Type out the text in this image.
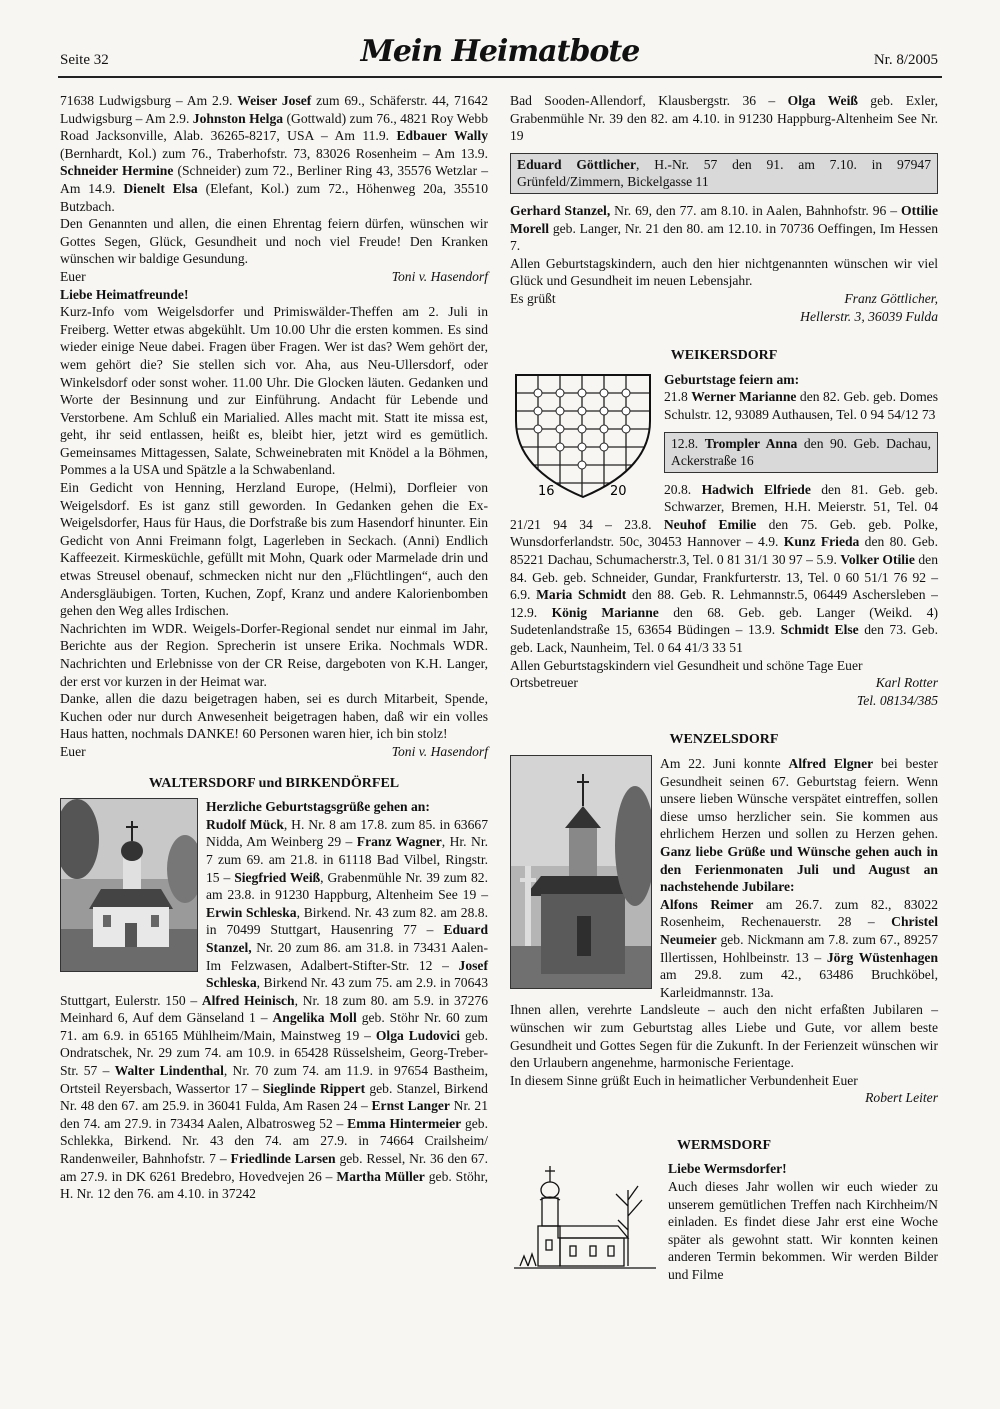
Seite 32	Mein Heimatbote	Nr. 8/2005

71638 Ludwigsburg – Am 2.9. Weiser Josef zum 69., Schäferstr. 44, 71642 Ludwigsburg – Am 2.9. Johnston Helga (Gottwald) zum 76., 4821 Roy Webb Road Jacksonville, Alab. 36265-8217, USA – Am 11.9. Edbauer Wally (Bernhardt, Kol.) zum 76., Traberhofstr. 73, 83026 Rosenheim – Am 13.9. Schneider Hermine (Schneider) zum 72., Berliner Ring 43, 35576 Wetzlar – Am 14.9. Dienelt Elsa (Elefant, Kol.) zum 72., Höhenweg 20a, 35510 Butzbach.

Den Genannten und allen, die einen Ehrentag feiern dürfen, wünschen wir Gottes Segen, Glück, Gesundheit und noch viel Freude! Den Kranken wünschen wir baldige Gesundung.

Euer	Toni v. Hasendorf

Liebe Heimatfreunde!

Kurz-Info vom Weigelsdorfer und Primiswälder-Theffen am 2. Juli in Freiberg. Wetter etwas abgekühlt. Um 10.00 Uhr die ersten kommen. Es sind wieder einige Neue dabei. Fragen über Fragen. Wer ist das? Wem gehört der, wem gehört die? Sie stellen sich vor. Aha, aus Neu-Ullersdorf, oder Winkelsdorf oder sonst woher. 11.00 Uhr. Die Glocken läuten. Gedanken und Worte der Besinnung und zur Einführung. Andacht für Lebende und Verstorbene. Am Schluß ein Marialied. Alles macht mit. Statt ite missa est, geht, ihr seid entlassen, heißt es, bleibt hier, jetzt wird es gemütlich. Gemeinsames Mittagessen, Salate, Schweinebraten mit Knödel a la Böhmen, Pommes a la USA und Spätzle a la Schwabenland.

Ein Gedicht von Henning, Herzland Europe, (Helmi), Dorfleier von Weigelsdorf. Es ist ganz still geworden. In Gedanken gehen die Ex-Weigelsdorfer, Haus für Haus, die Dorfstraße bis zum Hasendorf hinunter. Ein Gedicht von Anni Freimann folgt, Lagerleben in Seckach. (Anni) Endlich Kaffeezeit. Kirmesküchle, gefüllt mit Mohn, Quark oder Marmelade drin und etwas Streusel obenauf, schmecken nicht nur den „Flüchtlingen“, auch den Andersgläubigen. Torten, Kuchen, Zopf, Kranz und andere Kalorienbomben gehen den Weg alles Irdischen.

Nachrichten im WDR. Weigels-Dorfer-Regional sendet nur einmal im Jahr, Berichte aus der Region. Sprecherin ist unsere Erika. Nochmals WDR. Nachrichten und Erlebnisse von der CR Reise, dargeboten von K.H. Langer, der erst vor kurzen in der Heimat war.

Danke, allen die dazu beigetragen haben, sei es durch Mitarbeit, Spende, Kuchen oder nur durch Anwesenheit beigetragen haben, daß wir ein volles Haus hatten, nochmals DANKE! 60 Personen waren hier, ich bin stolz!

Euer	Toni v. Hasendorf
WALTERSDORF und BIRKENDÖRFEL

Herzliche Geburtstagsgrüße gehen an:
Rudolf Mück, H. Nr. 8 am 17.8. zum 85. in 63667 Nidda, Am Weinberg 29 – Franz Wagner, Hr. Nr. 7 zum 69. am 21.8. in 61118 Bad Vilbel, Ringstr. 15 – Siegfried Weiß, Grabenmühle Nr. 39 zum 82. am 23.8. in 91230 Happburg, Altenheim See 19 – Erwin Schleska, Birkend. Nr. 43 zum 82. am 28.8. in 70499 Stuttgart, Hausenring 77 – Eduard Stanzel, Nr. 20 zum 86. am 31.8. in 73431 Aalen-Im Felzwasen, Adalbert-Stifter-Str. 12 – Josef Schleska, Birkend Nr. 43 zum 75. am 2.9. in 70643 Stuttgart, Eulerstr. 150 – Alfred Heinisch, Nr. 18 zum 80. am 5.9. in 37276 Meinhard 6, Auf dem Gänseland 1 – Angelika Moll geb. Stöhr Nr. 60 zum 71. am 6.9. in 65165 Mühlheim/Main, Mainstweg 19 – Olga Ludovici geb. Ondratschek, Nr. 29 zum 74. am 10.9. in 65428 Rüsselsheim, Georg-Treber-Str. 57 – Walter Lindenthal, Nr. 70 zum 74. am 11.9. in 97654 Bastheim, Ortsteil Reyersbach, Wassertor 17 – Sieglinde Rippert geb. Stanzel, Birkend Nr. 48 den 67. am 25.9. in 36041 Fulda, Am Rasen 24 – Ernst Langer Nr. 21 den 74. am 27.9. in 73434 Aalen, Albatrosweg 52 – Emma Hintermeier geb. Schlekka, Birkend. Nr. 43 den 74. am 27.9. in 74664 Crailsheim/ Randenweiler, Bahnhofstr. 7 – Friedlinde Larsen geb. Ressel, Nr. 36 den 67. am 27.9. in DK 6261 Bredebro, Hovedvejen 26 – Martha Müller geb. Stöhr, H. Nr. 12 den 76. am 4.10. in 37242

Bad Sooden-Allendorf, Klausbergstr. 36 – Olga Weiß geb. Exler, Grabenmühle Nr. 39 den 82. am 4.10. in 91230 Happburg-Altenheim See Nr. 19

Eduard Göttlicher, H.-Nr. 57 den 91. am 7.10. in 97947 Grünfeld/Zimmern, Bickelgasse 11

Gerhard Stanzel, Nr. 69, den 77. am 8.10. in Aalen, Bahnhofstr. 96 – Ottilie Morell geb. Langer, Nr. 21 den 80. am 12.10. in 70736 Oeffingen, Im Hessen 7.

Allen Geburtstagskindern, auch den hier nichtgenannten wünschen wir viel Glück und Gesundheit im neuen Lebensjahr.

Es grüßt	Franz Göttlicher,
Hellerstr. 3, 36039 Fulda
WEIKERSDORF
16	20

Geburtstage feiern am:
21.8 Werner Marianne den 82. Geb. geb. Domes Schulstr. 12, 93089 Authausen, Tel. 0 94 54/12 73

12.8. Trompler Anna den 90. Geb. Dachau, Ackerstraße 16

20.8. Hadwich Elfriede den 81. Geb. geb. Schwarzer, Bremen, H.H. Meierstr. 51, Tel. 04 21/21 94 34 – 23.8. Neuhof Emilie den 75. Geb. geb. Polke, Wunsdorferlandstr. 50c, 30453 Hannover – 4.9. Kunz Frieda den 80. Geb. 85221 Dachau, Schumacherstr.3, Tel. 0 81 31/1 30 97 – 5.9. Volker Otilie den 84. Geb. geb. Schneider, Gundar, Frankfurterstr. 13, Tel. 0 60 51/1 76 92 – 6.9. Maria Schmidt den 88. Geb. R. Lehmannstr.5, 06449 Aschersleben –12.9. König Marianne den 68. Geb. geb. Langer (Weikd. 4) Sudetenlandstraße 15, 63654 Büdingen – 13.9. Schmidt Else den 73. Geb. geb. Lack, Naunheim, Tel. 0 64 41/3 33 51

Allen Geburtstagskindern viel Gesundheit und schöne Tage Euer

Ortsbetreuer	Karl Rotter
Tel. 08134/385
WENZELSDORF

Am 22. Juni konnte Alfred Elgner bei bester Gesundheit seinen 67. Geburtstag feiern. Wenn unsere lieben Wünsche verspätet eintreffen, sollen diese umso herzlicher sein. Sie kommen aus ehrlichem Herzen und sollen zu Herzen gehen. Ganz liebe Grüße und Wünsche gehen auch in den Ferienmonaten Juli und August an nachstehende Jubilare:
Alfons Reimer am 26.7. zum 82., 83022 Rosenheim, Rechenauerstr. 28 – Christel Neumeier geb. Nickmann am 7.8. zum 67., 89257 Illertissen, Hohlbeinstr. 13 – Jörg Wüstenhagen am 29.8. zum 42., 63486 Bruchköbel, Karleidmannstr. 13a.

Ihnen allen, verehrte Landsleute – auch den nicht erfaßten Jubilaren – wünschen wir zum Geburtstag alles Liebe und Gute, vor allem beste Gesundheit und Gottes Segen für die Zukunft. In der Ferienzeit wünschen wir den Urlaubern angenehme, harmonische Ferientage.

In diesem Sinne grüßt Euch in heimatlicher Verbundenheit Euer

Robert Leiter
WERMSDORF

Liebe Wermsdorfer!

Auch dieses Jahr wollen wir euch wieder zu unserem gemütlichen Treffen nach Kirchheim/N einladen. Es findet diese Jahr erst eine Woche später als gewohnt statt. Wir konnten keinen anderen Termin bekommen. Wir werden Bilder und Filme
